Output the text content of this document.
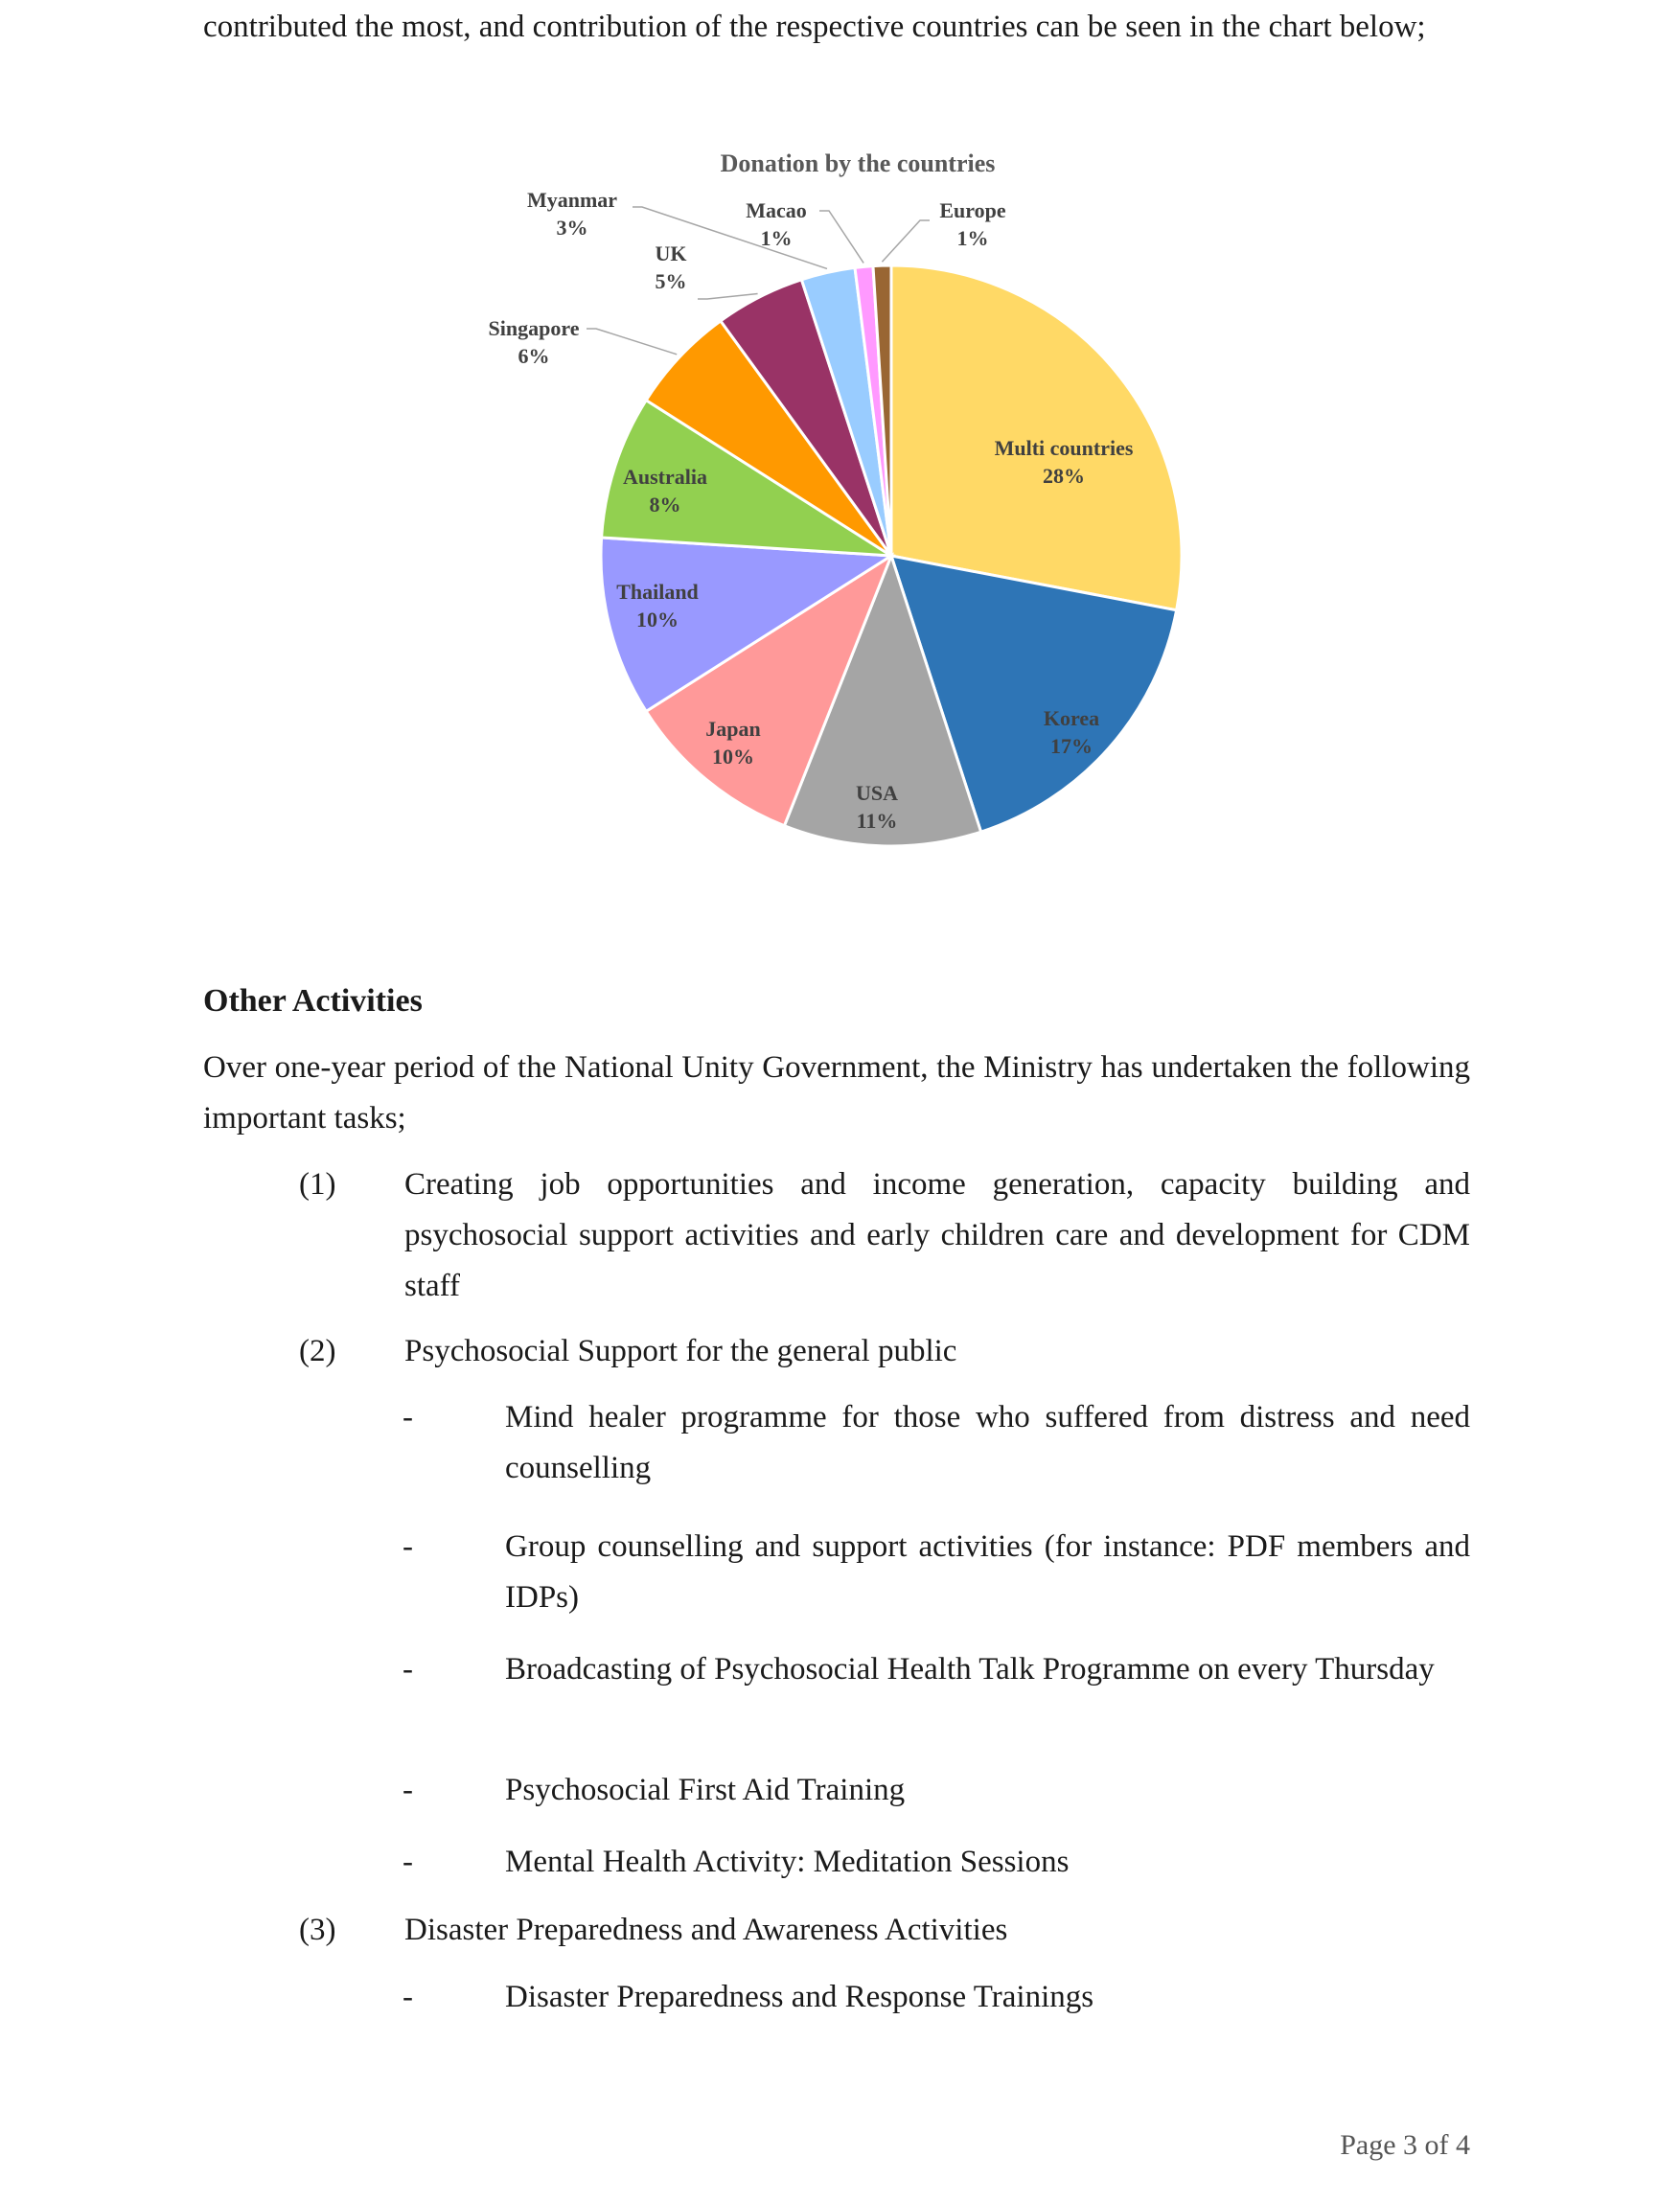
contributed the most, and contribution of the respective countries can be seen in the chart below;

Donation by the countries
Multi countries
28%
Korea
17%
USA
11%
Japan
10%
Thailand
10%
Australia
8%
Singapore
6%
UK
5%
Myanmar
3%
Macao
1%
Europe
1%
Other Activities

Over one-year period of the National Unity Government, the Ministry has undertaken the following important tasks;

(1)	Creating job opportunities and income generation, capacity building and psychosocial support activities and early children care and development for CDM staff

(2)	Psychosocial Support for the general public

-	Mind healer programme for those who suffered from distress and need counselling

-	Group counselling and support activities (for instance: PDF members and IDPs)

-	Broadcasting of Psychosocial Health Talk Programme on every Thursday

-	Psychosocial First Aid Training

-	Mental Health Activity: Meditation Sessions

(3)	Disaster Preparedness and Awareness Activities

-	Disaster Preparedness and Response Trainings

Page 3 of 4
